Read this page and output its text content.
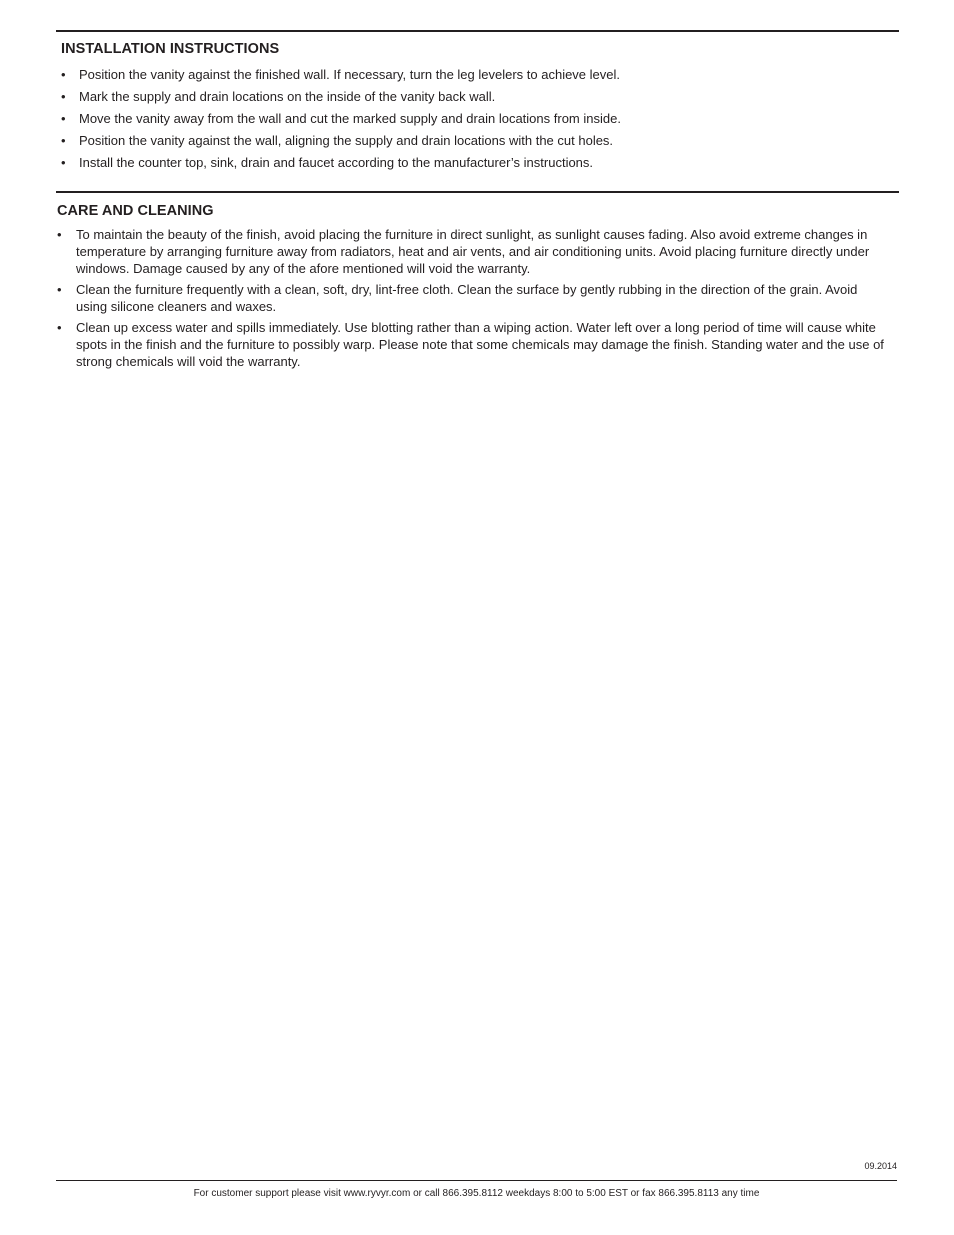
INSTALLATION INSTRUCTIONS
• Position the vanity against the finished wall. If necessary, turn the leg levelers to achieve level.
• Mark the supply and drain locations on the inside of the vanity back wall.
• Move the vanity away from the wall and cut the marked supply and drain locations from inside.
• Position the vanity against the wall, aligning the supply and drain locations with the cut holes.
• Install the counter top, sink, drain and faucet according to the manufacturer’s instructions.
CARE AND CLEANING
• To maintain the beauty of the finish, avoid placing the furniture in direct sunlight, as sunlight causes fading. Also avoid extreme changes in temperature by arranging furniture away from radiators, heat and air vents, and air conditioning units. Avoid placing furniture directly under windows. Damage caused by any of the afore mentioned will void the warranty.
• Clean the furniture frequently with a clean, soft, dry, lint-free cloth. Clean the surface by gently rubbing in the direction of the grain. Avoid using silicone cleaners and waxes.
• Clean up excess water and spills immediately. Use blotting rather than a wiping action. Water left over a long period of time will cause white spots in the finish and the furniture to possibly warp. Please note that some chemicals may damage the finish. Standing water and the use of strong chemicals will void the warranty.
09.2014
For customer support please visit www.ryvyr.com or call 866.395.8112 weekdays 8:00 to 5:00 EST or fax 866.395.8113 any time
